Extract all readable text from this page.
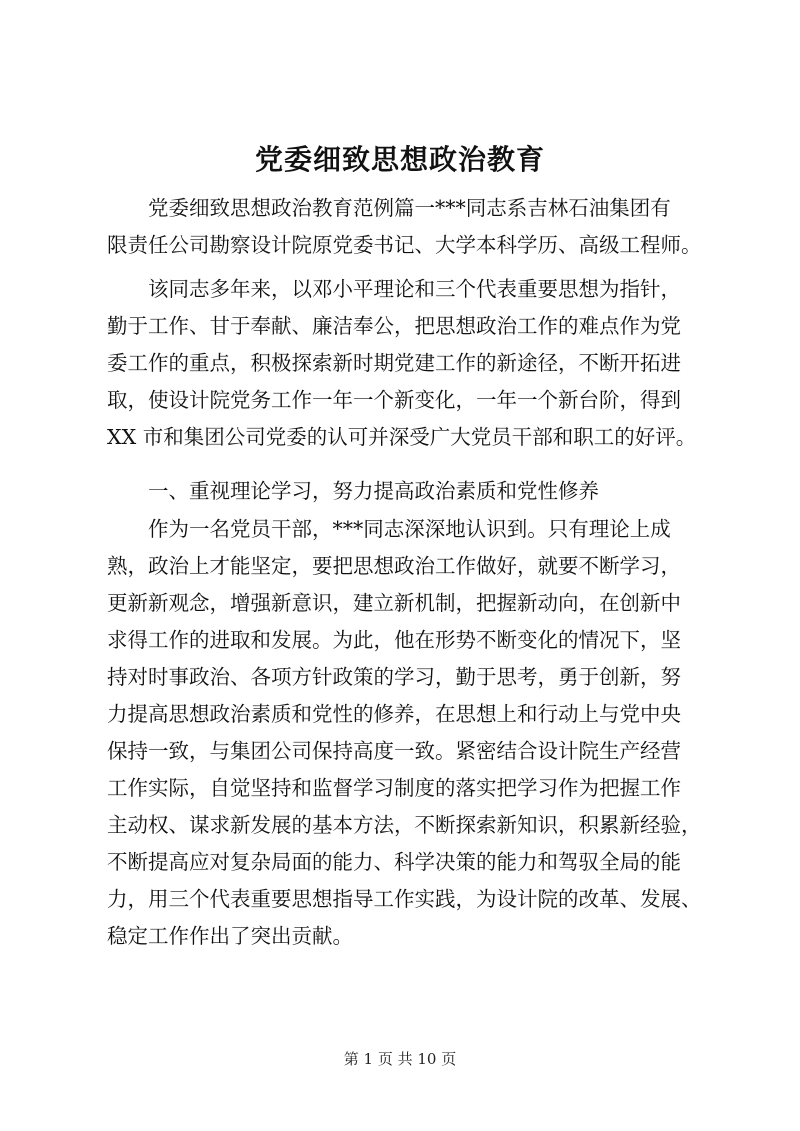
党委细致思想政治教育

党委细致思想政治教育范例篇一***同志系吉林石油集团有

限责任公司勘察设计院原党委书记、大学本科学历、高级工程师。

该同志多年来，以邓小平理论和三个代表重要思想为指针，

勤于工作、甘于奉献、廉洁奉公，把思想政治工作的难点作为党

委工作的重点，积极探索新时期党建工作的新途径，不断开拓进

取，使设计院党务工作一年一个新变化，一年一个新台阶，得到

XX 市和集团公司党委的认可并深受广大党员干部和职工的好评。

一、重视理论学习，努力提高政治素质和党性修养

作为一名党员干部，***同志深深地认识到。只有理论上成

熟，政治上才能坚定，要把思想政治工作做好，就要不断学习，

更新新观念，增强新意识，建立新机制，把握新动向，在创新中

求得工作的进取和发展。为此，他在形势不断变化的情况下，坚

持对时事政治、各项方针政策的学习，勤于思考，勇于创新，努

力提高思想政治素质和党性的修养，在思想上和行动上与党中央

保持一致，与集团公司保持高度一致。紧密结合设计院生产经营

工作实际，自觉坚持和监督学习制度的落实把学习作为把握工作

主动权、谋求新发展的基本方法，不断探索新知识，积累新经验，

不断提高应对复杂局面的能力、科学决策的能力和驾驭全局的能

力，用三个代表重要思想指导工作实践，为设计院的改革、发展、

稳定工作作出了突出贡献。

第 1 页 共 10 页
